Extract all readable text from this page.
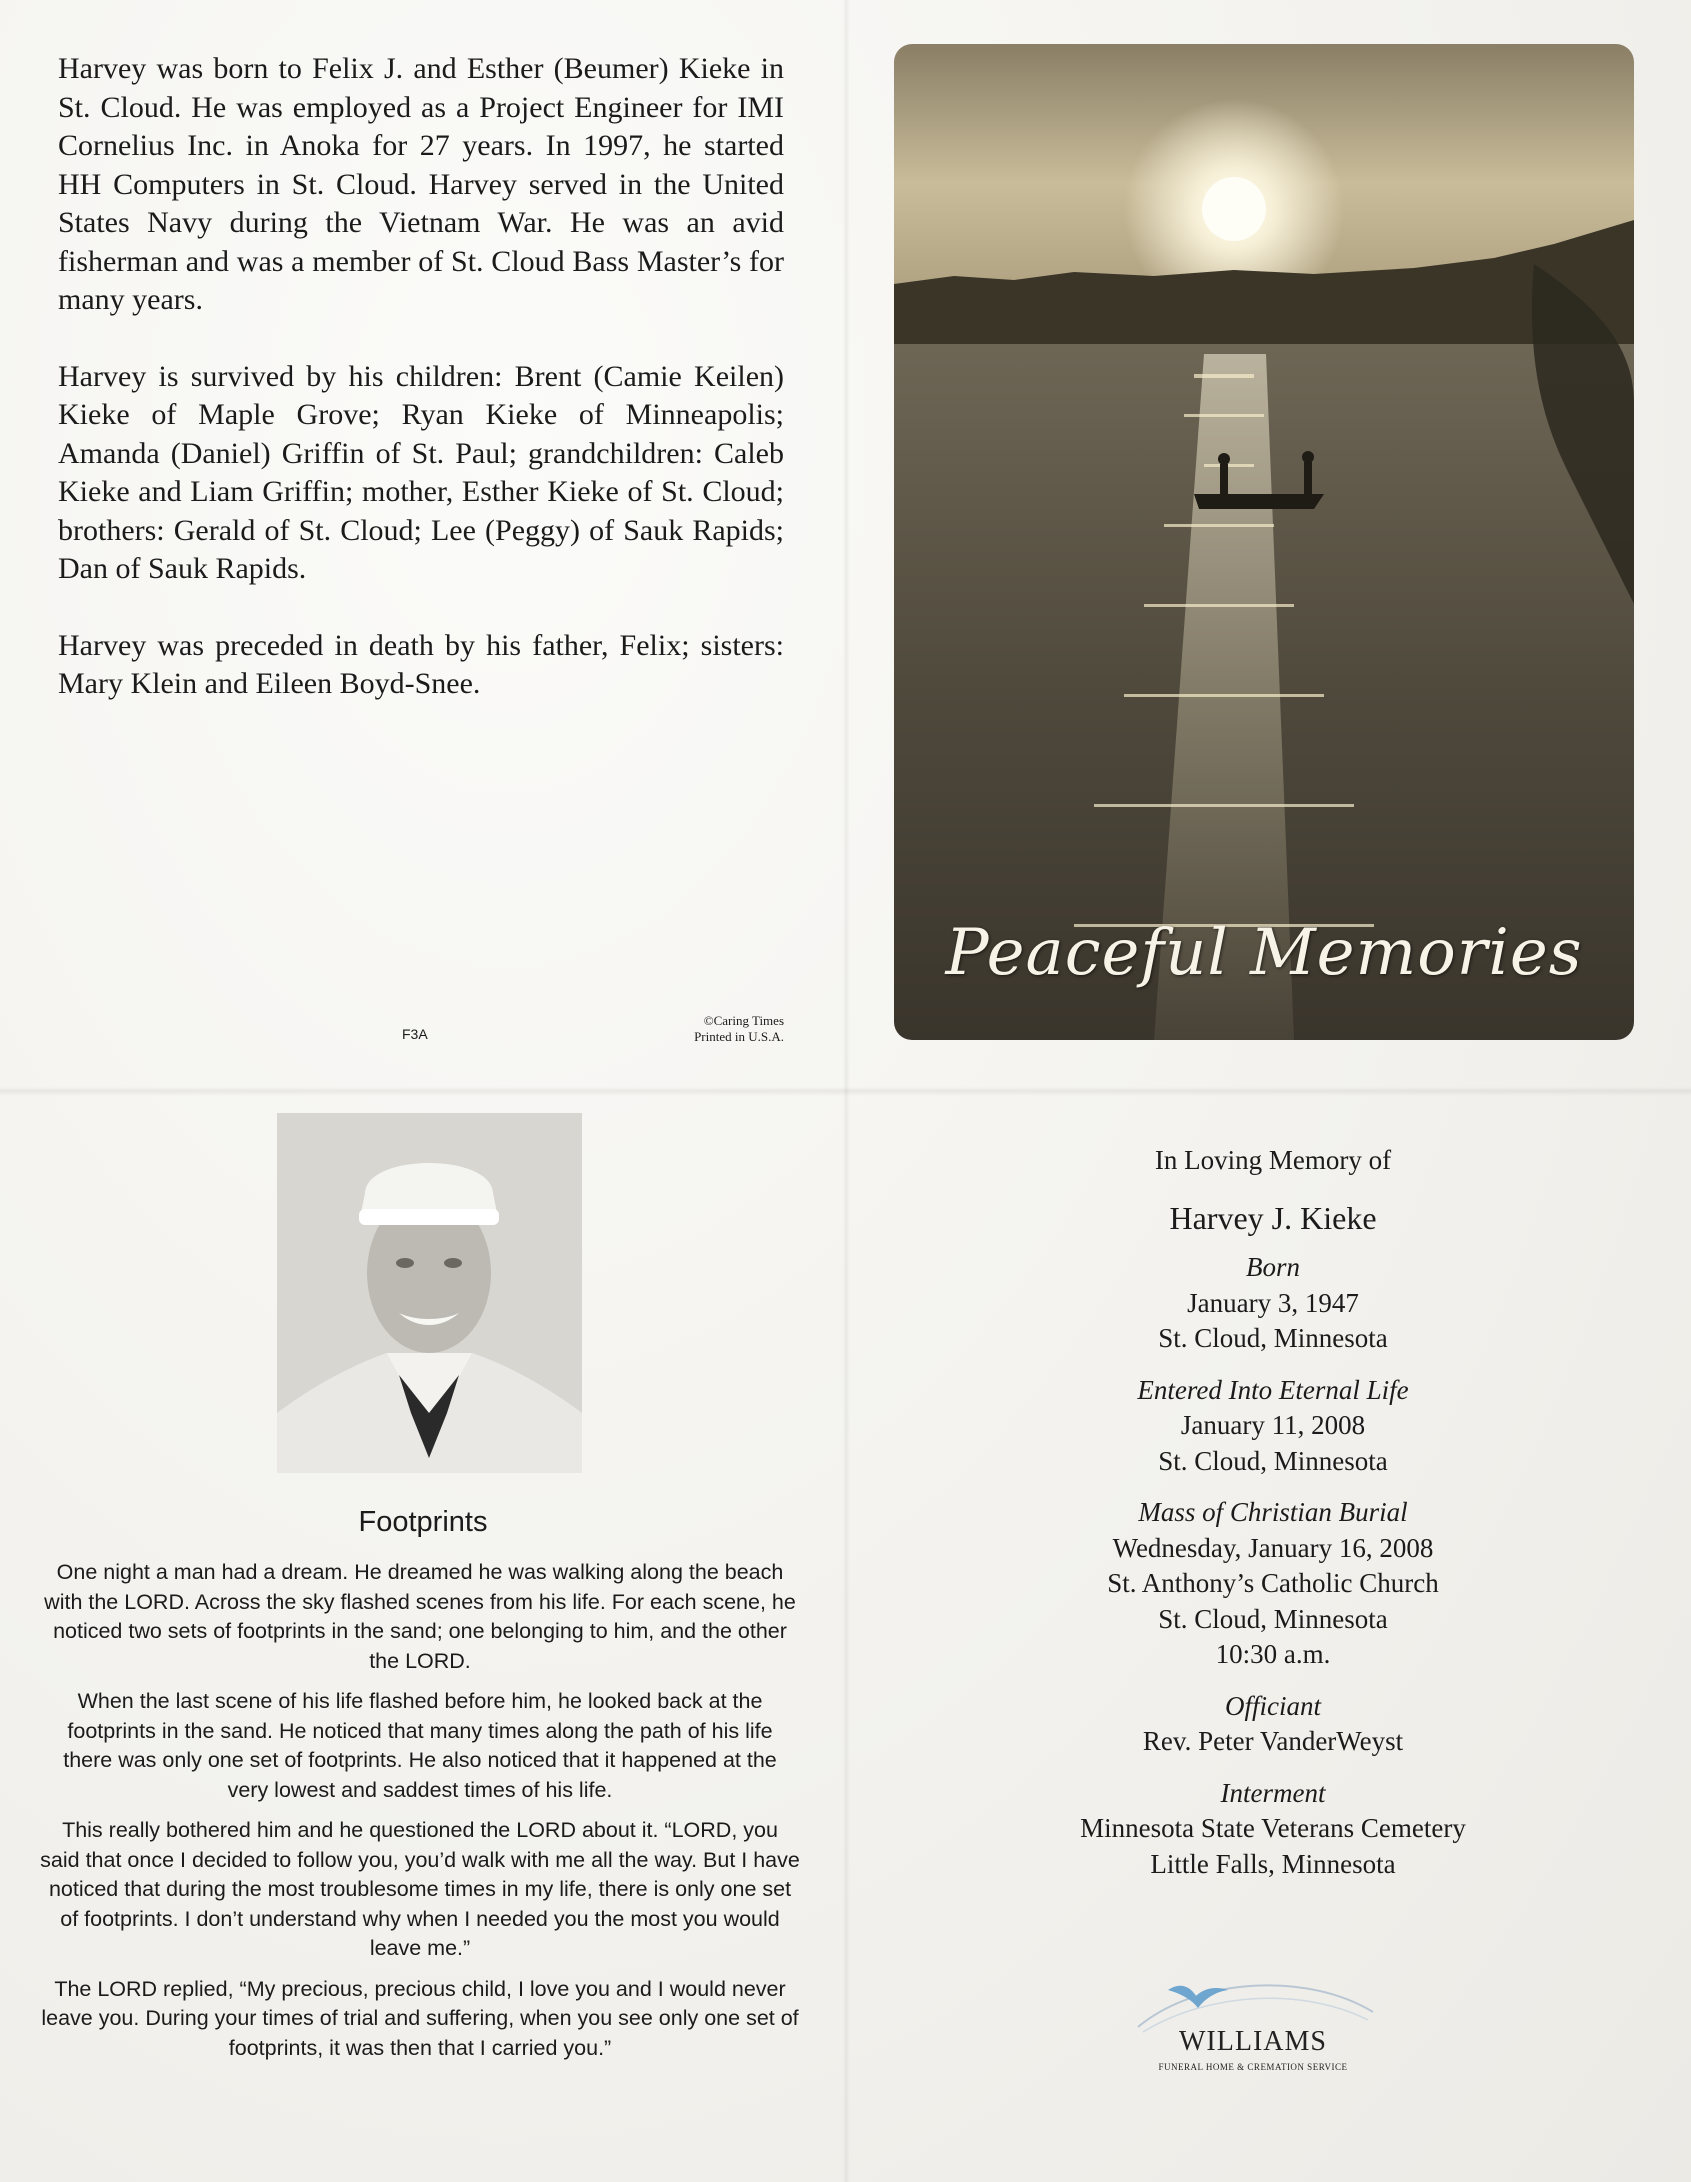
Harvey was born to Felix J. and Esther (Beumer) Kieke in St. Cloud. He was employed as a Project Engineer for IMI Cornelius Inc. in Anoka for 27 years. In 1997, he started HH Computers in St. Cloud. Harvey served in the United States Navy during the Vietnam War. He was an avid fisherman and was a member of St. Cloud Bass Master’s for many years.

Harvey is survived by his children: Brent (Camie Keilen) Kieke of Maple Grove; Ryan Kieke of Minneapolis; Amanda (Daniel) Griffin of St. Paul; grandchildren: Caleb Kieke and Liam Griffin; mother, Esther Kieke of St. Cloud; brothers: Gerald of St. Cloud; Lee (Peggy) of Sauk Rapids; Dan of Sauk Rapids.

Harvey was preceded in death by his father, Felix; sisters: Mary Klein and Eileen Boyd-Snee.

F3A
©Caring Times
Printed in U.S.A.
Peaceful Memories
Footprints

One night a man had a dream. He dreamed he was walking along the beach with the LORD. Across the sky flashed scenes from his life. For each scene, he noticed two sets of footprints in the sand; one belonging to him, and the other the LORD.

When the last scene of his life flashed before him, he looked back at the footprints in the sand. He noticed that many times along the path of his life there was only one set of footprints. He also noticed that it happened at the very lowest and saddest times of his life.

This really bothered him and he questioned the LORD about it. “LORD, you said that once I decided to follow you, you’d walk with me all the way. But I have noticed that during the most troublesome times in my life, there is only one set of footprints. I don’t understand why when I needed you the most you would leave me.”

The LORD replied, “My precious, precious child, I love you and I would never leave you. During your times of trial and suffering, when you see only one set of footprints, it was then that I carried you.”

In Loving Memory of
Harvey J. Kieke
Born
January 3, 1947
St. Cloud, Minnesota
Entered Into Eternal Life
January 11, 2008
St. Cloud, Minnesota
Mass of Christian Burial
Wednesday, January 16, 2008
St. Anthony’s Catholic Church
St. Cloud, Minnesota
10:30 a.m.
Officiant
Rev. Peter VanderWeyst
Interment
Minnesota State Veterans Cemetery
Little Falls, Minnesota
WILLIAMS
FUNERAL HOME & CREMATION SERVICE
